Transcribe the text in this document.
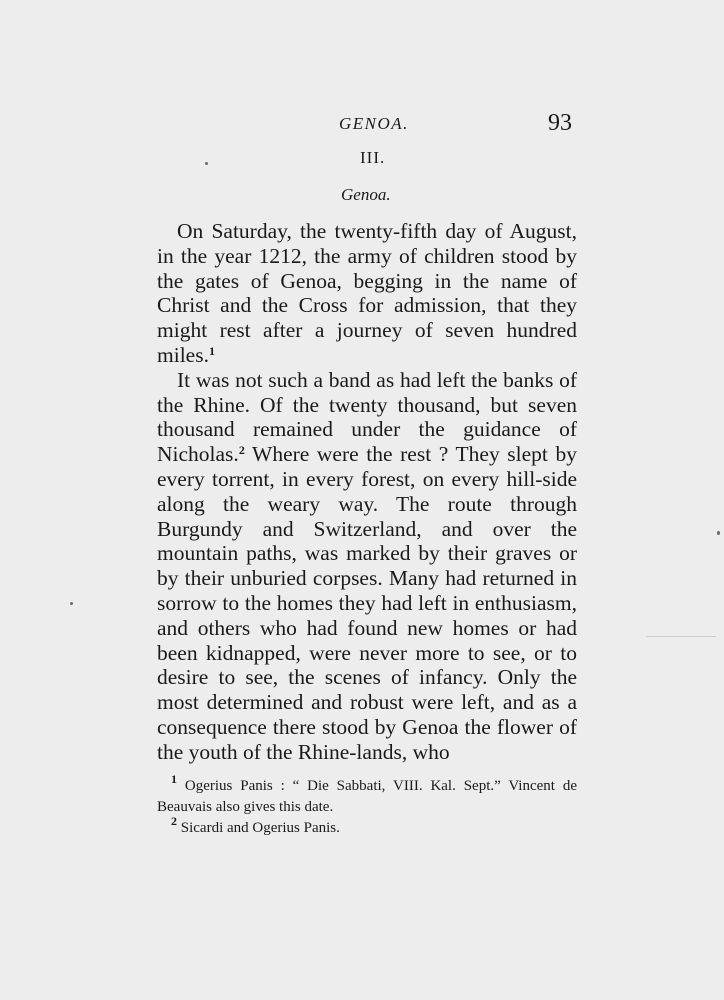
GENOA.	93
III.
Genoa.

On Saturday, the twenty-fifth day of August, in the year 1212, the army of children stood by the gates of Genoa, begging in the name of Christ and the Cross for admission, that they might rest after a journey of seven hundred miles.$^1$

It was not such a band as had left the banks of the Rhine. Of the twenty thousand, but seven thousand remained under the guidance of Nicholas.$^2$ Where were the rest ? They slept by every torrent, in every forest, on every hill-side along the weary way. The route through Burgundy and Switzerland, and over the mountain paths, was marked by their graves or by their unburied corpses. Many had returned in sorrow to the homes they had left in enthusiasm, and others who had found new homes or had been kidnapped, were never more to see, or to desire to see, the scenes of infancy. Only the most determined and robust were left, and as a consequence there stood by Genoa the flower of the youth of the Rhine-lands, who

$^1$ Ogerius Panis : “ Die Sabbati, VIII. Kal. Sept.” Vincent de Beauvais also gives this date.

$^2$ Sicardi and Ogerius Panis.
